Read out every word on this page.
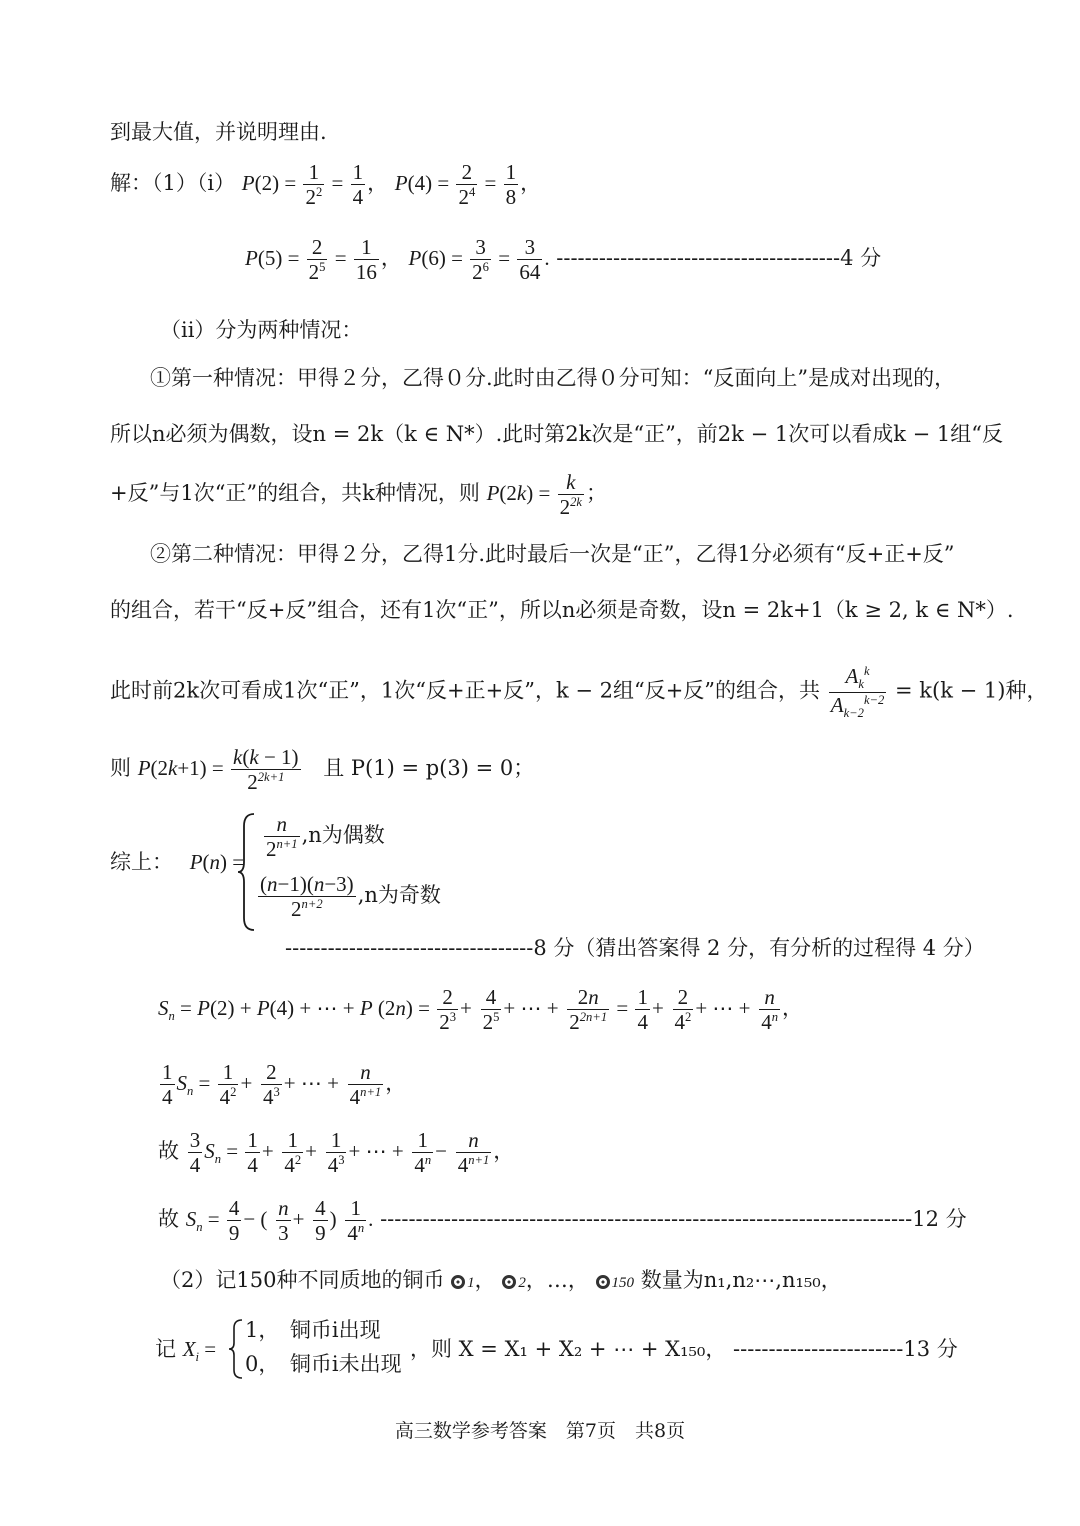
到最大值，并说明理由.
解：（1）（i） $P(2) = \frac{1}{2^2} = \frac{1}{4}$ ， $P(4) = \frac{2}{2^4} = \frac{1}{8}$ ，
$P(5) = \frac{2}{2^5} = \frac{1}{16}$ ， $P(6) = \frac{3}{2^6} = \frac{3}{64}$ . ----------------------------------------4 分
（ii）分为两种情况：
①第一种情况：甲得２分，乙得０分.此时由乙得０分可知：“反面向上”是成对出现的，
所以n必须为偶数，设n = 2k（k ∈ N*）.此时第2k次是“正”，前2k − 1次可以看成k − 1组“反
+反”与1次“正”的组合，共k种情况，则 $P(2k) = \frac{k}{2^{2k}}$ ；
②第二种情况：甲得２分，乙得1分.此时最后一次是“正”，乙得1分必须有“反+正+反”
的组合，若干“反+反”组合，还有1次“正”，所以n必须是奇数，设n = 2k+1（k ≥ 2, k ∈ N*）.
此时前2k次可看成1次“正”，1次“反+正+反”，k − 2组“反+反”的组合，共 $\frac{A_k^k}{A_{k-2}^{k-2}} = k(k - 1)$种，
则 $P(2k+1) = \frac{k(k - 1)}{2^{2k+1}}$ 且 P(1) = p(3) = 0；
综上： P(n) =
$\frac{n}{2^{n+1}} ,n$为偶数
$\frac{(n-1)(n-3)}{2^{n+2}} ,n$为奇数
-----------------------------------8 分（猜出答案得 2 分，有分析的过程得 4 分）
$S_n = P(2) + P(4)$ + ⋯ + P $(2n) = \frac{2}{2^3} + \frac{4}{2^5}$ + ⋯ + $\frac{2n}{2^{2n+1}} = \frac{1}{4} + \frac{2}{4^2}$ + ⋯ + $\frac{n}{4^n}$ ，
$\frac{1}{4} S_n = \frac{1}{4^2} + \frac{2}{4^3}$ + ⋯ + $\frac{n}{4^{n+1}}$ ，
故 $\frac{3}{4} S_n = \frac{1}{4} + \frac{1}{4^2} + \frac{1}{4^3}$ + ⋯ + $\frac{1}{4^n} - \frac{n}{4^{n+1}}$ ，
故 $S_n = \frac{4}{9}$ − ( $\frac{n}{3} + \frac{4}{9}$ ) $\frac{1}{4^n}$ . ---------------------------------------------------------------------------12 分
（2）记150种不同质地的铜币 1， 2，…， 150 数量为n₁,n₂⋯,n₁₅₀，
记 $X_i$ =
1，　铜币i出现
0，　铜币i未出现
，则 X = X₁ + X₂ + ⋯ + X₁₅₀， ------------------------13 分
高三数学参考答案　第7页　共8页
